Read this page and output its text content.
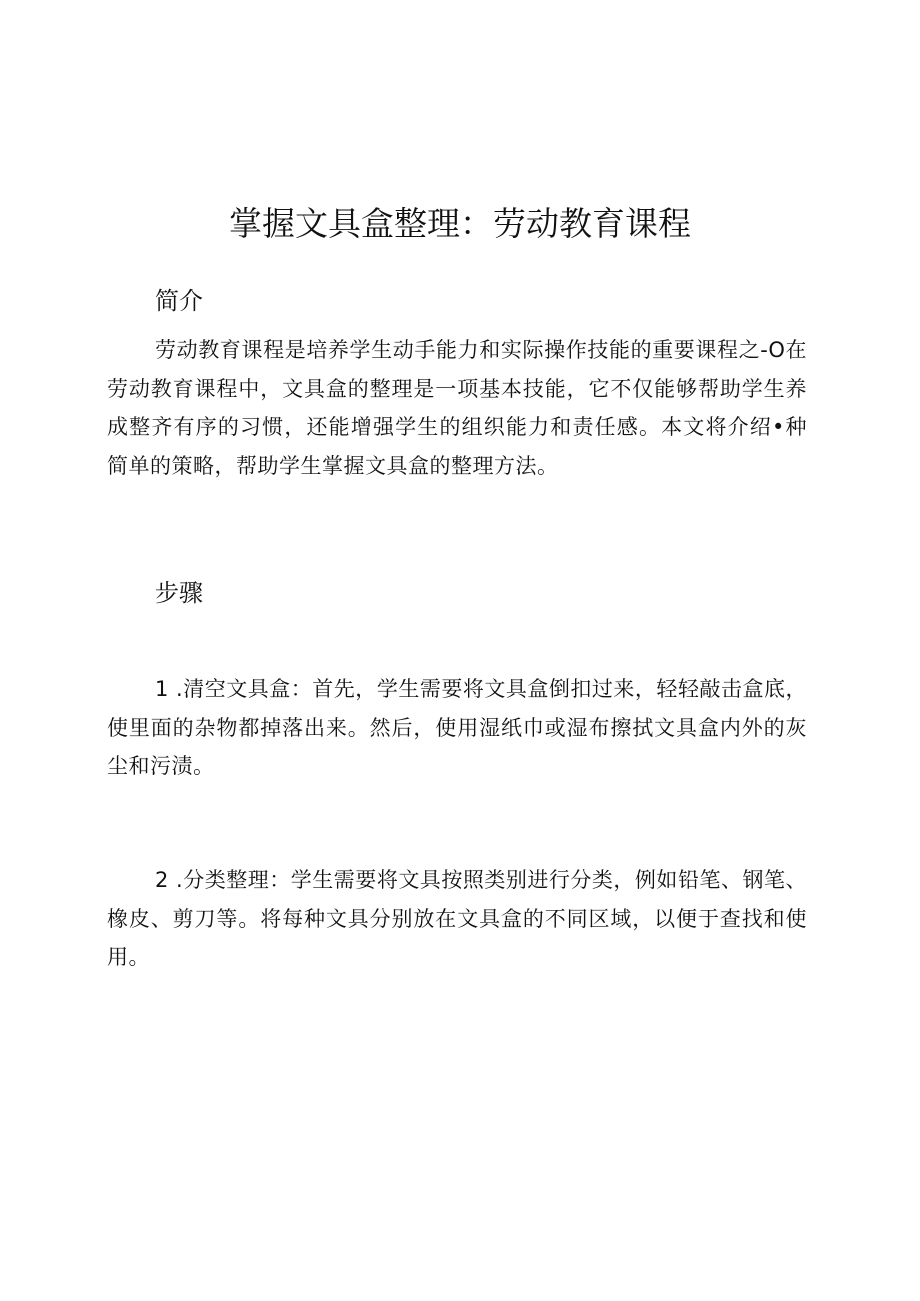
掌握文具盒整理：劳动教育课程
简介

劳动教育课程是培养学生动手能力和实际操作技能的重要课程之-O在劳动教育课程中，文具盒的整理是一项基本技能，它不仅能够帮助学生养成整齐有序的习惯，还能增强学生的组织能力和责任感。本文将介绍•种简单的策略，帮助学生掌握文具盒的整理方法。

步骤

1 .清空文具盒：首先，学生需要将文具盒倒扣过来，轻轻敲击盒底，使里面的杂物都掉落出来。然后，使用湿纸巾或湿布擦拭文具盒内外的灰尘和污渍。

2 .分类整理：学生需要将文具按照类别进行分类，例如铅笔、钢笔、橡皮、剪刀等。将每种文具分别放在文具盒的不同区域，以便于查找和使用。
